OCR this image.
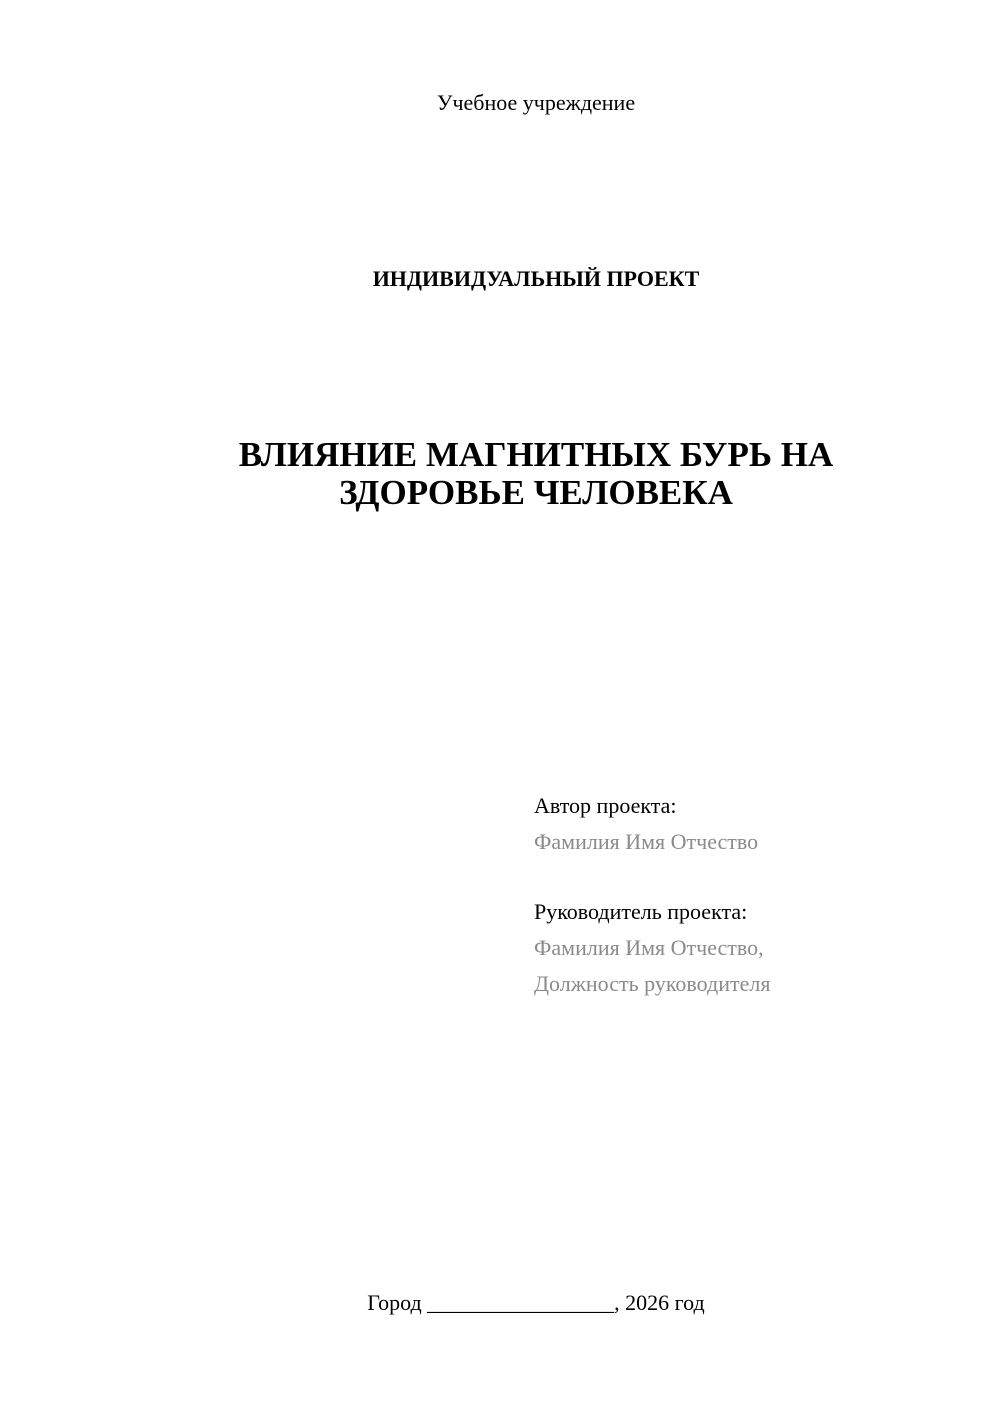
Учебное учреждение
ИНДИВИДУАЛЬНЫЙ ПРОЕКТ
ВЛИЯНИЕ МАГНИТНЫХ БУРЬ НА
ЗДОРОВЬЕ ЧЕЛОВЕКА
Автор проекта:
Фамилия Имя Отчество
Руководитель проекта:
Фамилия Имя Отчество,
Должность руководителя
Город _________________, 2026 год
